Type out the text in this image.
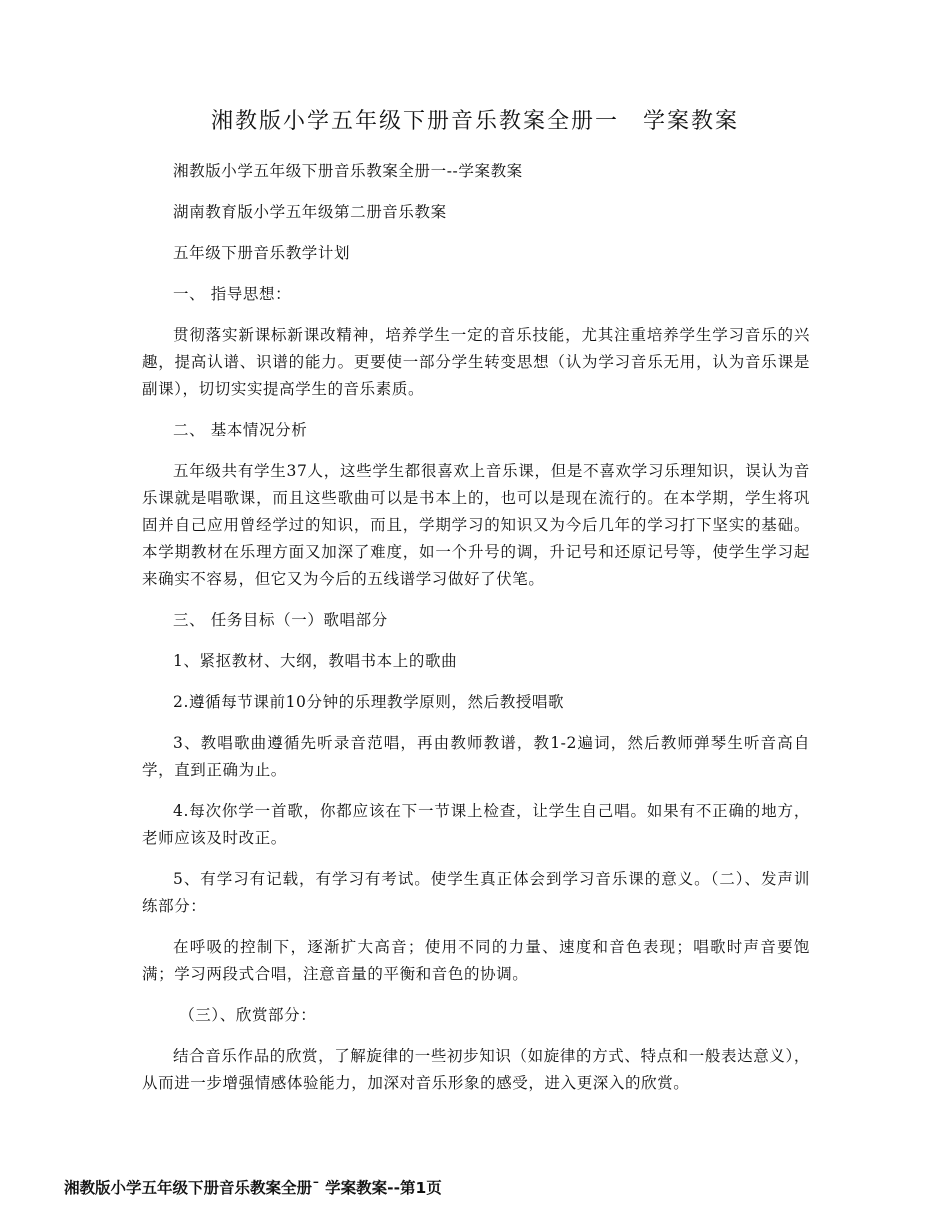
湘教版小学五年级下册音乐教案全册一　学案教案

湘教版小学五年级下册音乐教案全册一--学案教案

湖南教育版小学五年级第二册音乐教案

五年级下册音乐教学计划

一、 指导思想：

贯彻落实新课标新课改精神，培养学生一定的音乐技能，尤其注重培养学生学习音乐的兴趣，提高认谱、识谱的能力。更要使一部分学生转变思想（认为学习音乐无用，认为音乐课是副课），切切实实提高学生的音乐素质。

二、 基本情况分析

五年级共有学生37人，这些学生都很喜欢上音乐课，但是不喜欢学习乐理知识，误认为音乐课就是唱歌课，而且这些歌曲可以是书本上的，也可以是现在流行的。在本学期，学生将巩固并自己应用曾经学过的知识，而且，学期学习的知识又为今后几年的学习打下坚实的基础。本学期教材在乐理方面又加深了难度，如一个升号的调，升记号和还原记号等，使学生学习起来确实不容易，但它又为今后的五线谱学习做好了伏笔。

三、 任务目标（一）歌唱部分

1、紧抠教材、大纲，教唱书本上的歌曲

2.遵循每节课前10分钟的乐理教学原则，然后教授唱歌

3、教唱歌曲遵循先听录音范唱，再由教师教谱，教1-2遍词，然后教师弹琴生听音高自学，直到正确为止。

4.每次你学一首歌，你都应该在下一节课上检查，让学生自己唱。如果有不正确的地方，老师应该及时改正。

5、有学习有记载，有学习有考试。使学生真正体会到学习音乐课的意义。（二）、发声训练部分：

在呼吸的控制下，逐渐扩大高音；使用不同的力量、速度和音色表现；唱歌时声音要饱满；学习两段式合唱，注意音量的平衡和音色的协调。

（三）、欣赏部分：

结合音乐作品的欣赏，了解旋律的一些初步知识（如旋律的方式、特点和一般表达意义），从而进一步增强情感体验能力，加深对音乐形象的感受，进入更深入的欣赏。

湘教版小学五年级下册音乐教案全册¯ 学案教案--第1页
